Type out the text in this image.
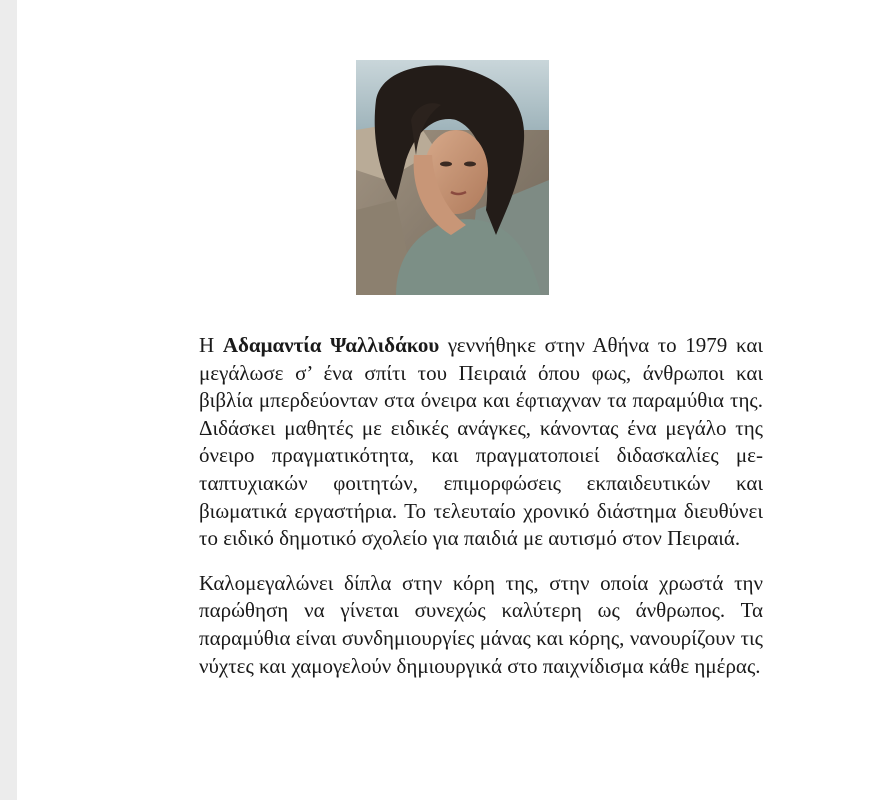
Η Αδαμαντία Ψαλλιδάκου γεννήθηκε στην Αθήνα το 1979 και μεγάλωσε σ’ ένα σπίτι του Πειραιά όπου φως, άνθρωποι και βιβλία μπερδεύονταν στα όνειρα και έφτιαχναν τα παραμύθια της. Διδάσκει μαθητές με ειδικές ανάγκες, κάνοντας ένα μεγάλο της όνειρο πραγματικότητα, και πραγματοποιεί διδασκαλίες μεταπτυχιακών φοιτητών, επιμορφώσεις εκπαιδευτικών και βιωματικά εργαστήρια. Το τελευταίο χρονικό διάστημα διευθύνει το ειδικό δημοτικό σχολείο για παιδιά με αυτισμό στον Πειραιά.

Καλομεγαλώνει δίπλα στην κόρη της, στην οποία χρωστά την παρώθηση να γίνεται συνεχώς καλύτερη ως άνθρωπος. Τα παραμύθια είναι συνδημιουργίες μάνας και κόρης, νανουρίζουν τις νύχτες και χαμογελούν δημιουργικά στο παιχνίδισμα κάθε ημέρας.
